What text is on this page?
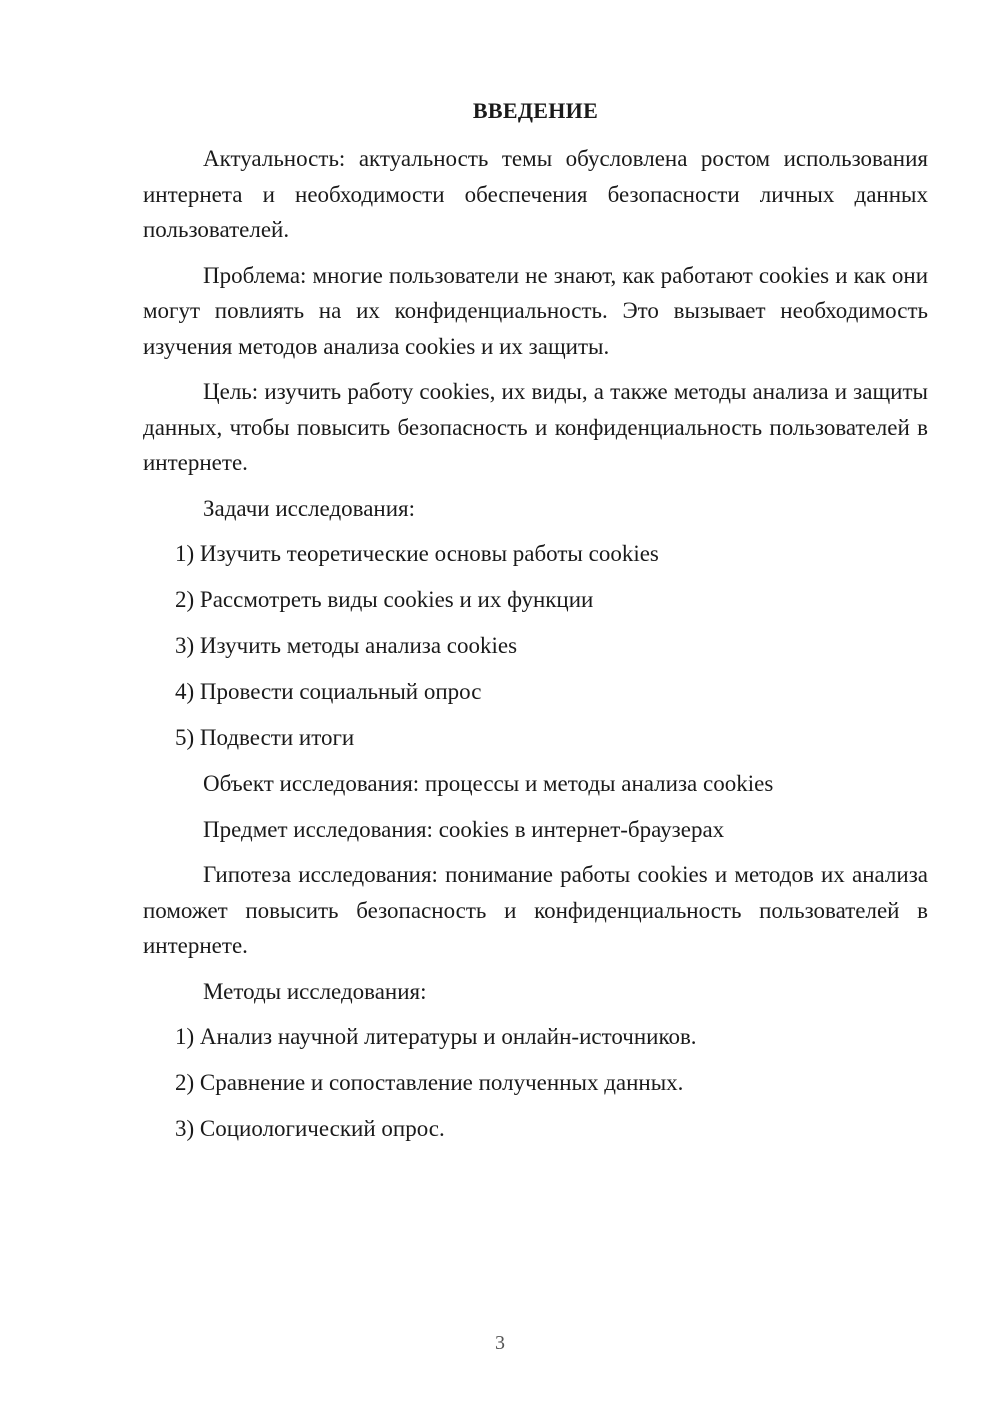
ВВЕДЕНИЕ

Актуальность: актуальность темы обусловлена ростом использования интернета и необходимости обеспечения безопасности личных данных пользователей.

Проблема: многие пользователи не знают, как работают cookies и как они могут повлиять на их конфиденциальность. Это вызывает необходимость изучения методов анализа cookies и их защиты.

Цель: изучить работу cookies, их виды, а также методы анализа и защиты данных, чтобы повысить безопасность и конфиденциальность пользователей в интернете.

Задачи исследования:
1) Изучить теоретические основы работы cookies
2) Рассмотреть виды cookies и их функции
3) Изучить методы анализа cookies
4) Провести социальный опрос
5) Подвести итоги
Объект исследования: процессы и методы анализа cookies
Предмет исследования: cookies в интернет-браузерах

Гипотеза исследования: понимание работы cookies и методов их анализа поможет повысить безопасность и конфиденциальность пользователей в интернете.

Методы исследования:
1) Анализ научной литературы и онлайн-источников.
2) Сравнение и сопоставление полученных данных.
3) Социологический опрос.
3
